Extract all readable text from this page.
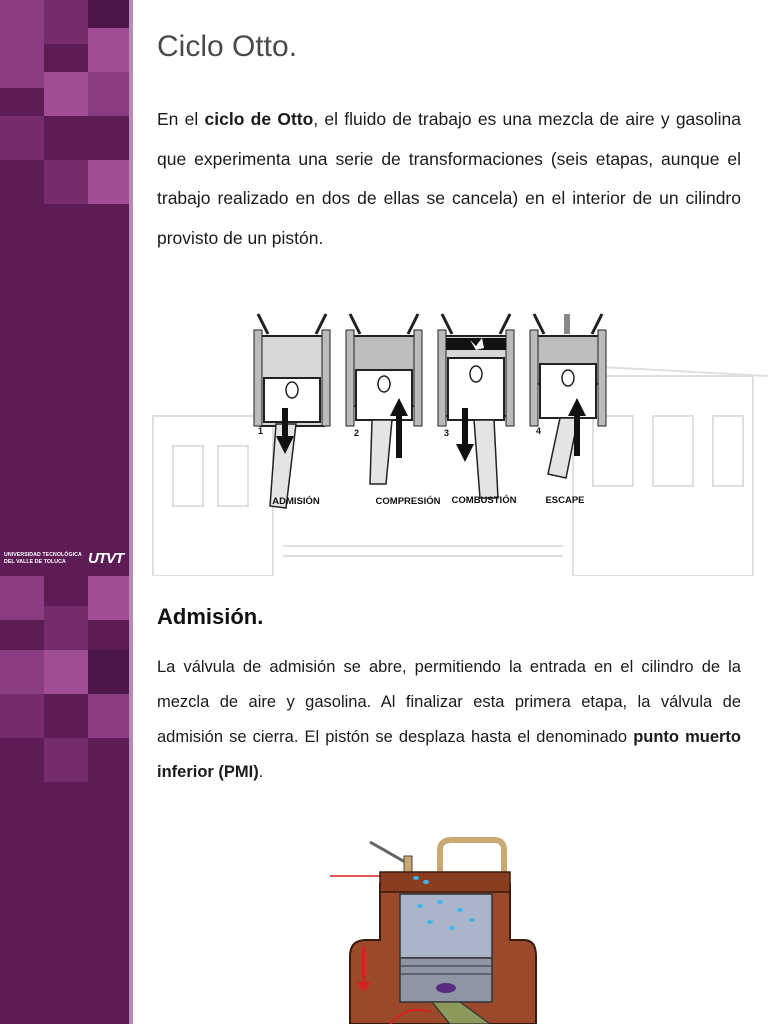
UNIVERSIDAD TECNOLÓGICA
DEL VALLE DE TOLUCA UTVT
Ciclo Otto.

En el ciclo de Otto, el fluido de trabajo es una mezcla de aire y gasolina que experimenta una serie de transformaciones (seis etapas, aunque el trabajo realizado en dos de ellas se cancela) en el interior de un cilindro provisto de un pistón.

1	2	3	4
ADMISIÓN	COMPRESIÓN COMBUSTIÓN	ESCAPE
Admisión.

La válvula de admisión se abre, permitiendo la entrada en el cilindro de la mezcla de aire y gasolina. Al finalizar esta primera etapa, la válvula de admisión se cierra. El pistón se desplaza hasta el denominado punto muerto inferior (PMI).
